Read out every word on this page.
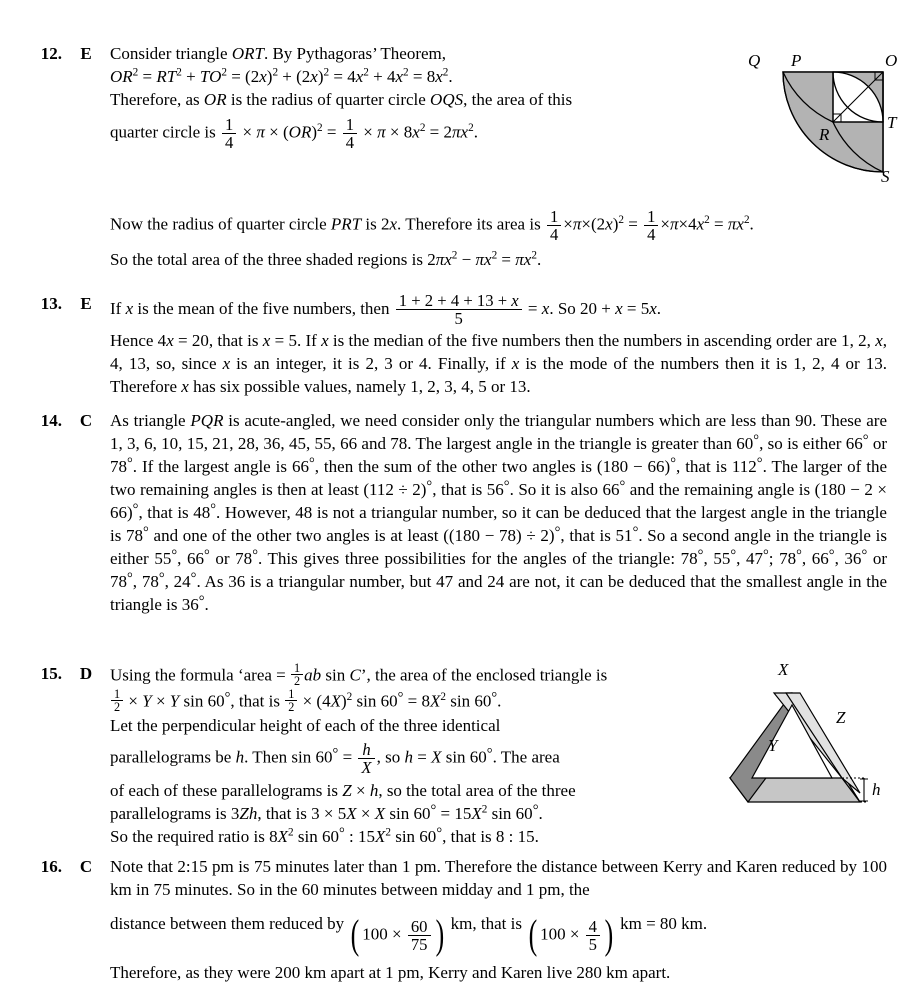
12.	E	Consider triangle ORT. By Pythagoras’ Theorem,

$OR^2 = RT^2 + TO^2 = (2x)^2 + (2x)^2 = 4x^2 + 4x^2 = 8x^2$.

Therefore, as OR is the radius of quarter circle OQS, the area of this

quarter circle is $\frac{1}{4} \times \pi \times (OR)^2 = \frac{1}{4} \times \pi \times 8x^2 = 2\pi x^2$.

Q P	O
R
T
S

Now the radius of quarter circle PRT is 2x. Therefore its area is $\frac{1}{4} \times\pi\times(2x)^2 = \frac{1}{4} \times\pi\times 4x^2 = \pi x^2$.

So the total area of the three shaded regions is $2\pi x^2 - \pi x^2 = \pi x^2$.

13.	E	If x is the mean of the five numbers, then $\frac{1 + 2 + 4 + 13 + x}{5} = x$. So 20 + x = 5x.

Hence 4x = 20, that is x = 5. If x is the median of the five numbers then the numbers in ascending order are 1, 2, x, 4, 13, so, since x is an integer, it is 2, 3 or 4. Finally, if x is the mode of the numbers then it is 1, 2, 4 or 13. Therefore x has six possible values, namely 1, 2, 3, 4, 5 or 13.

14.	C	As triangle PQR is acute-angled, we need consider only the triangular numbers which are less than 90. These are 1, 3, 6, 10, 15, 21, 28, 36, 45, 55, 66 and 78. The largest angle in the triangle is greater than 60°, so is either 66° or 78°. If the largest angle is 66°, then the sum of the other two angles is (180 − 66)°, that is 112°. The larger of the two remaining angles is then at least (112 ÷ 2)°, that is 56°. So it is also 66° and the remaining angle is (180 − 2 × 66)°, that is 48°. However, 48 is not a triangular number, so it can be deduced that the largest angle in the triangle is 78° and one of the other two angles is at least ((180 − 78) ÷ 2)°, that is 51°. So a second angle in the triangle is either 55°, 66° or 78°. This gives three possibilities for the angles of the triangle: 78°, 55°, 47°; 78°, 66°, 36° or 78°, 78°, 24°. As 36 is a triangular number, but 47 and 24 are not, it can be deduced that the smallest angle in the triangle is 36°.

15.	D	Using the formula ‘area = $\frac{1}{2}$ ab sin C’, the area of the enclosed triangle is

$\frac{1}{2} \times Y \times Y$ sin 60°, that is $\frac{1}{2} \times (4X)^2$ $\sin 60^\circ = 8X^2$ sin 60°.

Let the perpendicular height of each of the three identical

parallelograms be h. Then $\sin 60^\circ = \frac{h}{X}$ , so h = X sin 60°. The area

of each of these parallelograms is Z × h, so the total area of the three

parallelograms is 3Zh, that is 3 × 5X × X $\sin 60^\circ = 15X^2$ sin 60°.

So the required ratio is $8X^2$ sin 60° : $15X^2$ sin 60°, that is 8 : 15.

X
Z
Y
h
16.	C	Note that 2:15 pm is 75 minutes later than 1 pm. Therefore the distance between Kerry and Karen reduced by 100 km in 75 minutes. So in the 60 minutes between midday and 1 pm, the

distance between them reduced by ( $100 \times \frac{60}{75}$ ) km, that is ( $100 \times \frac{4}{5}$ ) km = 80 km.

Therefore, as they were 200 km apart at 1 pm, Kerry and Karen live 280 km apart.
